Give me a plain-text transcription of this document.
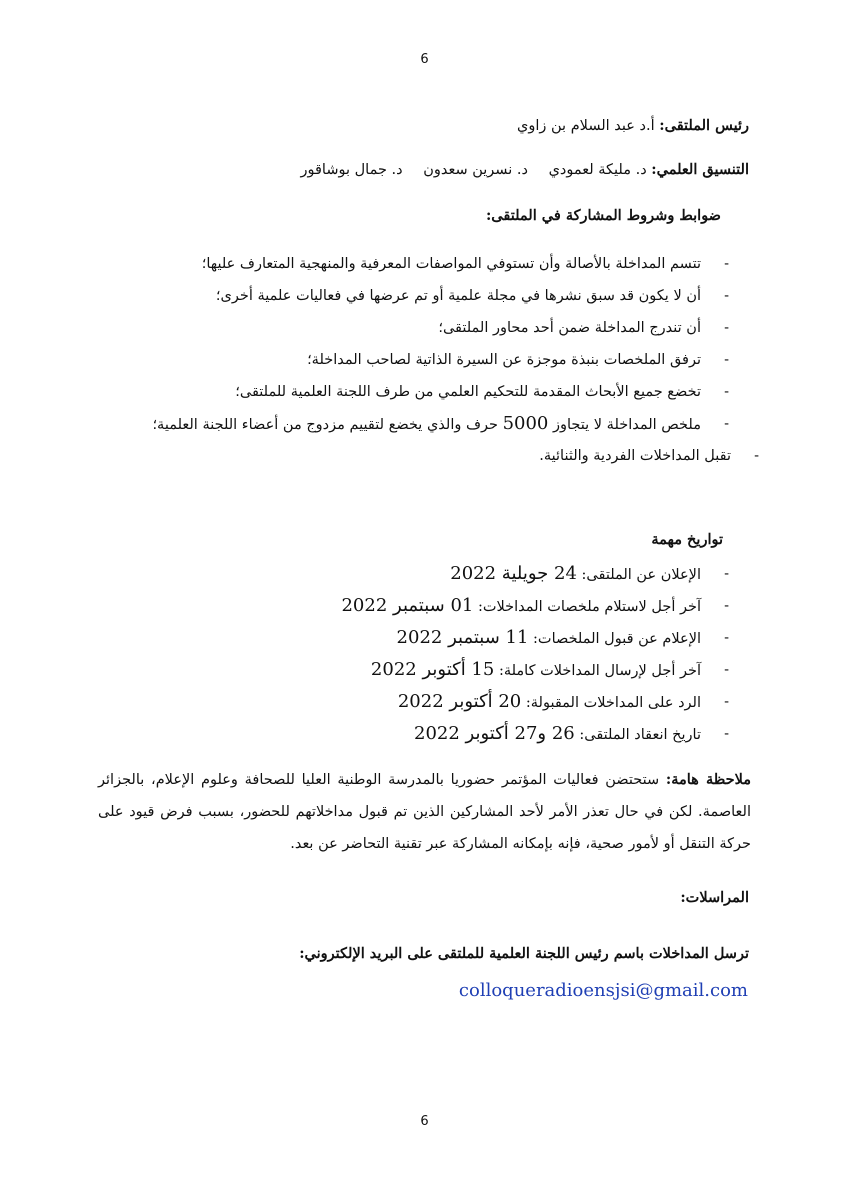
6
رئيس الملتقى: أ.د عبد السلام بن زاوي
التنسيق العلمي: د. مليكة لعمودي د. نسرين سعدون د. جمال بوشاقور
ضوابط وشروط المشاركة في الملتقى:
- تتسم المداخلة بالأصالة وأن تستوفي المواصفات المعرفية والمنهجية المتعارف عليها؛
- أن لا يكون قد سبق نشرها في مجلة علمية أو تم عرضها في فعاليات علمية أخرى؛
- أن تندرج المداخلة ضمن أحد محاور الملتقى؛
- ترفق الملخصات بنبذة موجزة عن السيرة الذاتية لصاحب المداخلة؛
- تخضع جميع الأبحاث المقدمة للتحكيم العلمي من طرف اللجنة العلمية للملتقى؛
- ملخص المداخلة لا يتجاوز 5000 حرف والذي يخضع لتقييم مزدوج من أعضاء اللجنة العلمية؛
- تقبل المداخلات الفردية والثنائية.
تواريخ مهمة
- الإعلان عن الملتقى: 24 جويلية 2022
- آخر أجل لاستلام ملخصات المداخلات: 01 سبتمبر 2022
- الإعلام عن قبول الملخصات: 11 سبتمبر 2022
- آخر أجل لإرسال المداخلات كاملة: 15 أكتوبر 2022
- الرد على المداخلات المقبولة: 20 أكتوبر 2022
- تاريخ انعقاد الملتقى: 26 و27 أكتوبر 2022
ملاحظة هامة: ستحتضن فعاليات المؤتمر حضوريا بالمدرسة الوطنية العليا للصحافة وعلوم الإعلام، بالجزائر العاصمة. لكن في حال تعذر الأمر لأحد المشاركين الذين تم قبول مداخلاتهم للحضور، بسبب فرض قيود على حركة التنقل أو لأمور صحية، فإنه بإمكانه المشاركة عبر تقنية التحاضر عن بعد.
المراسلات:
ترسل المداخلات باسم رئيس اللجنة العلمية للملتقى على البريد الإلكتروني:
colloqueradioensjsi@gmail.com
6
